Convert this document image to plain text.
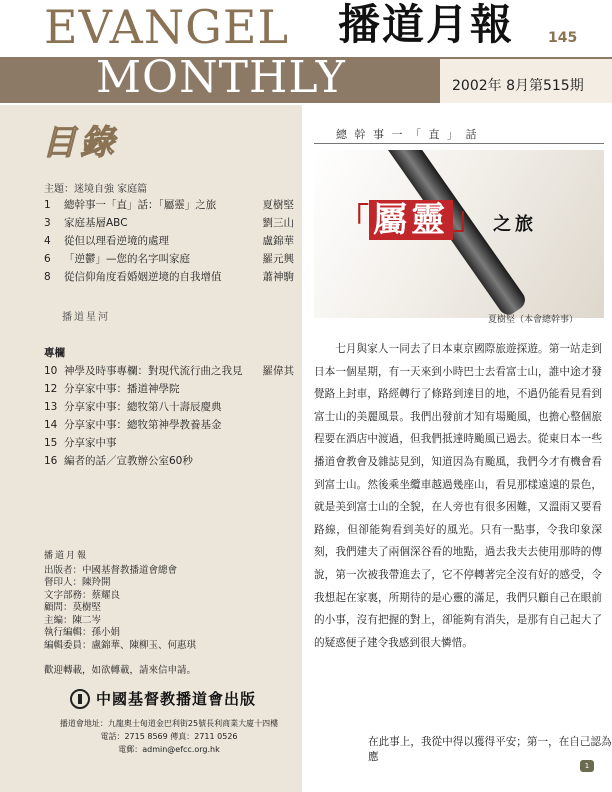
EVANGEL 播道月報 145
MONTHLY	2002年 8月第515期
目錄
主題：迷境自強 家庭篇
1	總幹事一「直」話：「屬靈」之旅	夏樹堅
3	家庭基層ABC	劉三山
4	從但以理看逆境的處理	盧錦華
6	「逆鬱」—您的名字叫家庭	羅元興
8	從信仰角度看婚姻逆境的自我增值	蕭神駒
播道星河
專欄
10 神學及時事專欄：對現代流行曲之我見	羅偉其
12 分享家中事：播道神學院
13 分享家中事：總牧第八十壽辰慶典
14 分享家中事：總牧第神學教養基金
15 分享家中事
16 編者的話／宣教辦公室60秒
播道月報
出版者：中國基督教播道會總會
督印人：陳羚開
文字部務：蔡耀良
顧問：莫樹堅
主編：陳二岑
執行編輯：孫小娟
編輯委員：盧錦華、陳柳玉、何惠琪
歡迎轉載，如欲轉載，請來信申請。
中國基督教播道會出版
播道會地址：九龍奧士甸道金巴利街25號長利商業大廈十四樓
電話：2715 8569 傳真：2711 0526
電郵：admin@efcc.org.hk
總 幹 事 一 「 直 」 話
「 屬靈 」 之旅
夏樹堅（本會總幹事）
七月與家人一同去了日本東京國際旅遊探遊。第一站走到日本一個星期，有一天來到小時巴士去看富士山，誰中途才發覺路上封車，路經轉行了條路到達目的地，不過仍能看見看到富士山的美麗風景。我們出發前才知有場颱風，也擔心整個旅程要在酒店中渡過，但我們抵達時颱風已過去。從東日本一些播道會教會及雜誌見到，知道因為有颱風，我們今才有機會看到富士山。然後乘坐纜車越過幾座山，看見那樣遠遠的景色，就是美到富士山的全貌，在人旁也有很多困難，又溫雨又要看路線，但卻能夠看到美好的風光。只有一點事，令我印象深刻，我們建夫了兩個深谷看的地點，過去我夫去使用那時的傳說，第一次被我帶進去了，它不停轉著完全沒有好的感受，令我想起在家裏，所期待的是心靈的滿足，我們只顧自己在眼前的小事，沒有把握的對上，卻能夠有消失，是那有自己起大了的疑惑便子建令我感到很大憐惜。
在此事上，我從中得以獲得平安；第一，在自己認為應
1
